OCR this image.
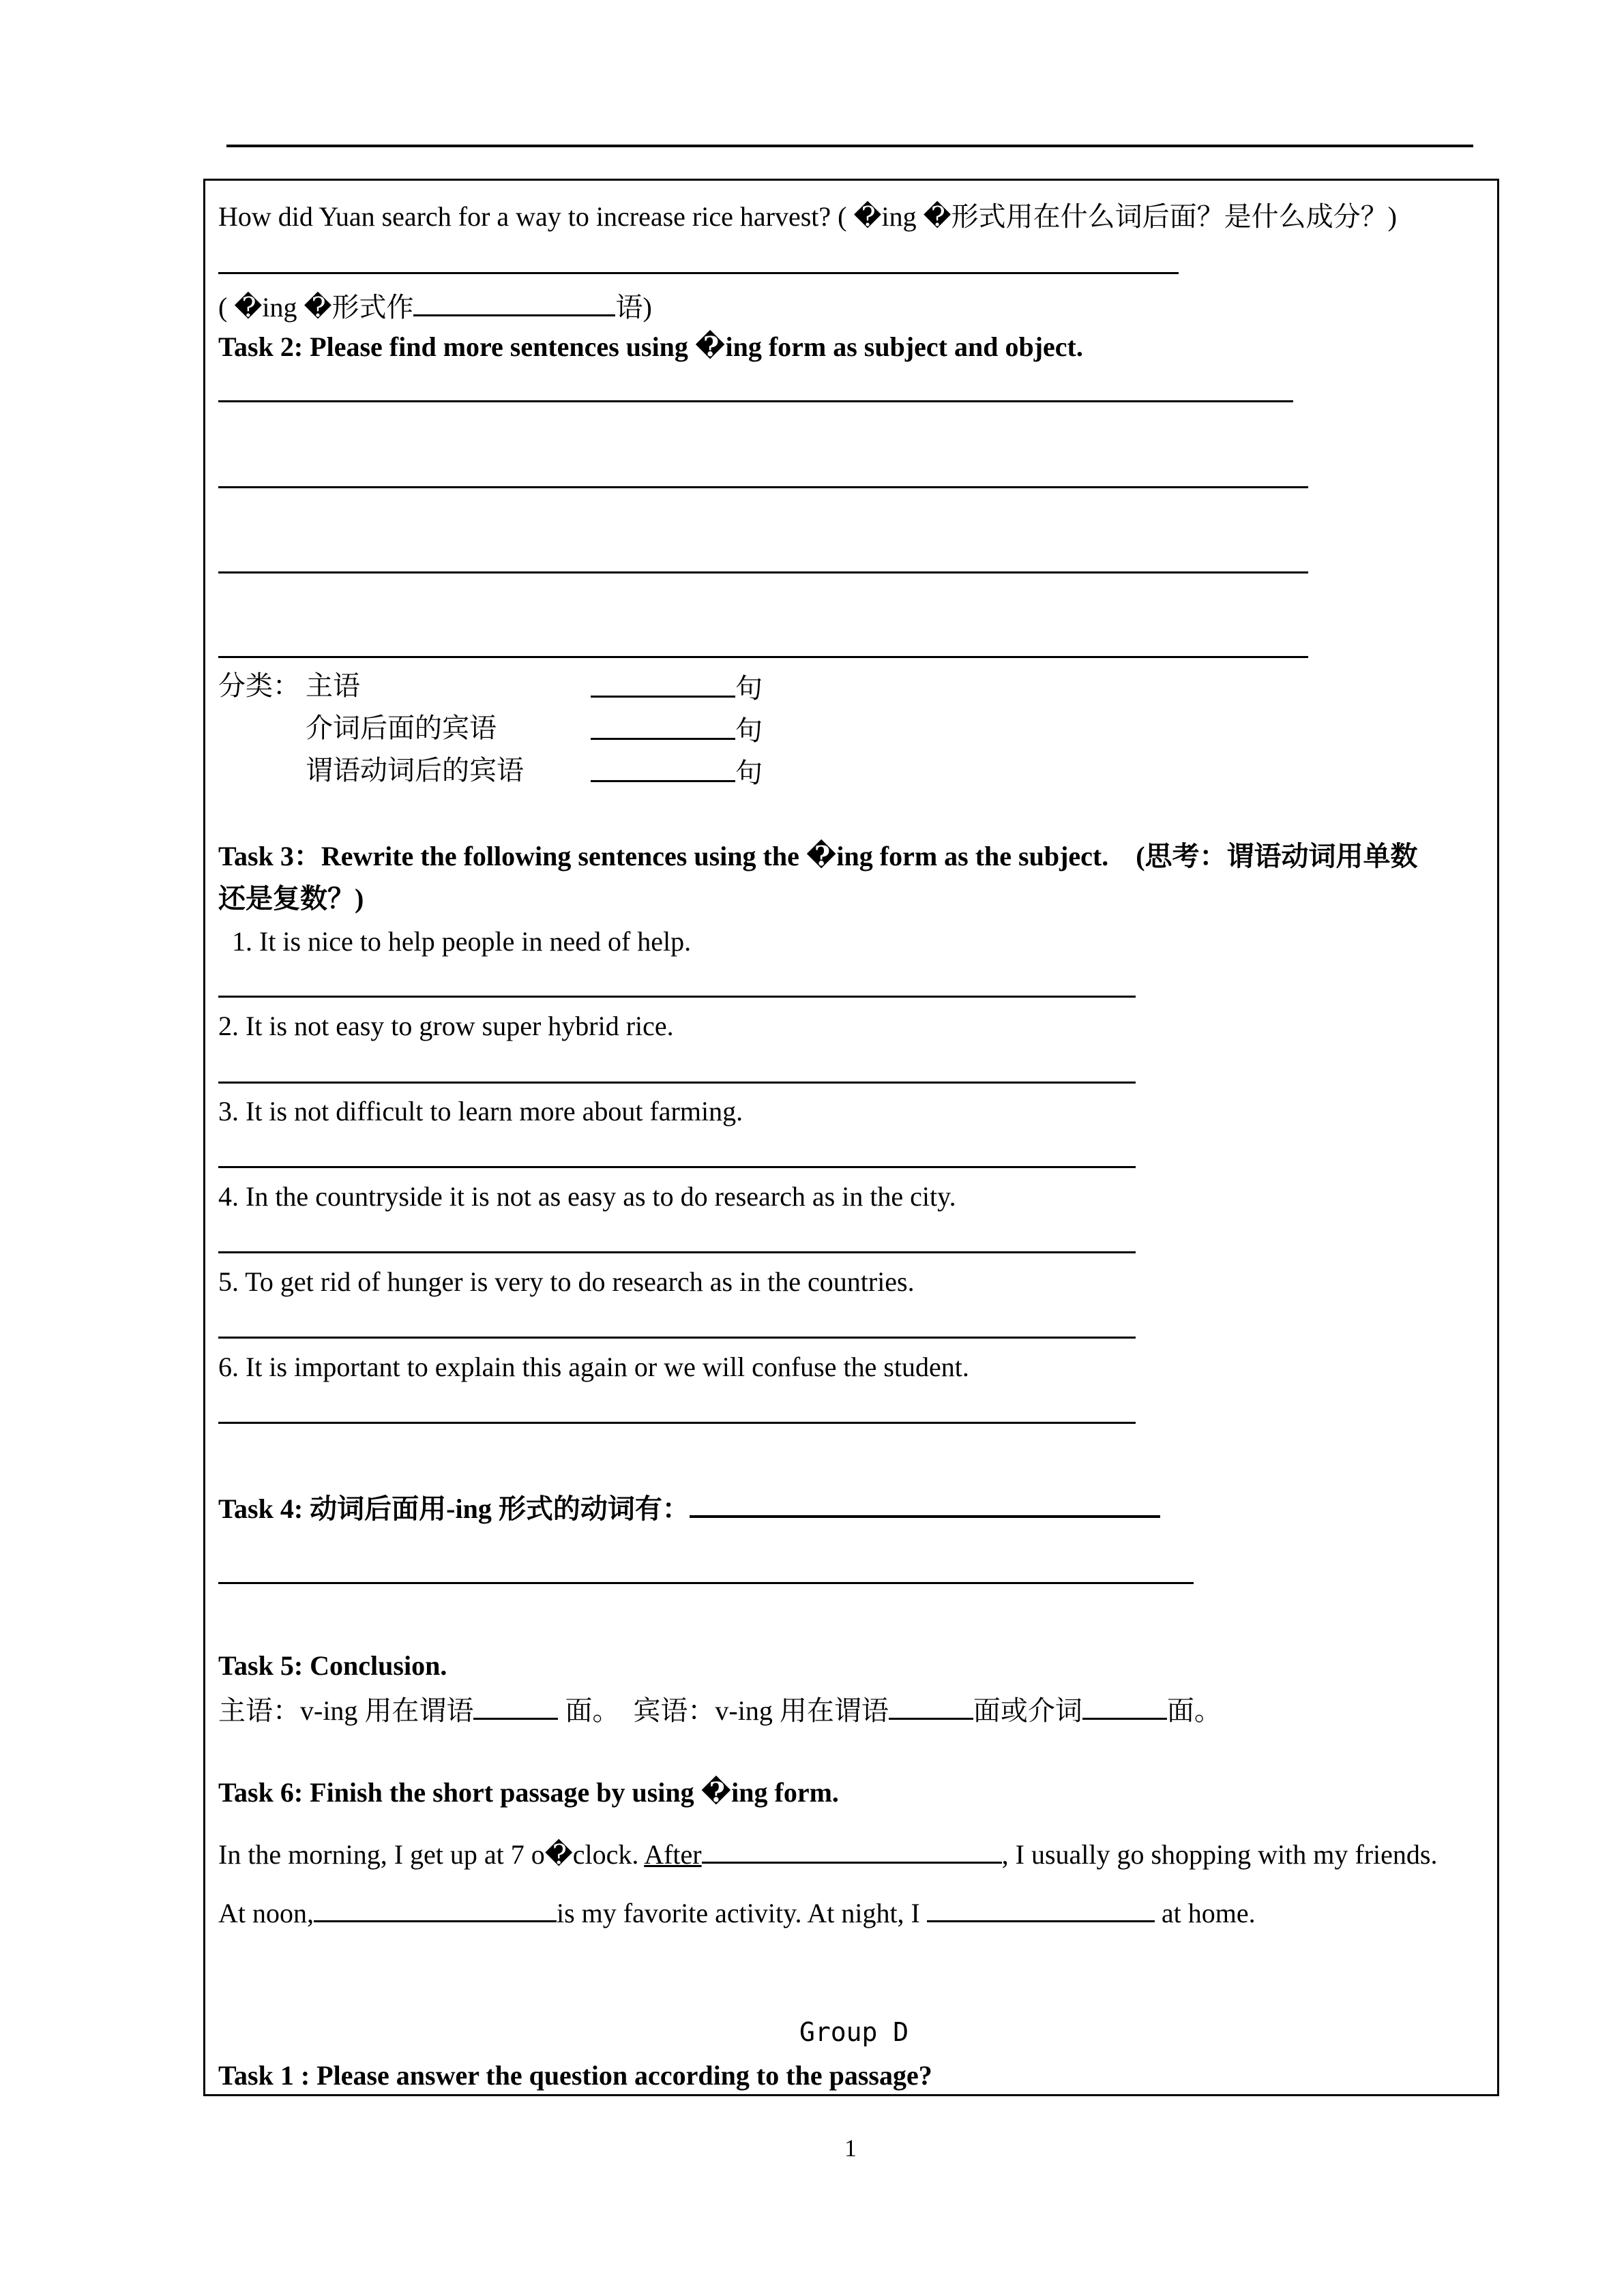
How did Yuan search for a way to increase rice harvest? ( �ing �形式用在什么词后面？是什么成分？)
( �ing �形式作	语)
Task 2: Please find more sentences using �ing form as subject and object.
分类： 主语	句
介词后面的宾语	句
谓语动词后的宾语	句
Task 3：Rewrite the following sentences using the �ing form as the subject.　(思考：谓语动词用单数
还是复数？)
1. It is nice to help people in need of help.
2. It is not easy to grow super hybrid rice.
3. It is not difficult to learn more about farming.
4. In the countryside it is not as easy as to do research as in the city.
5. To get rid of hunger is very to do research as in the countries.
6. It is important to explain this again or we will confuse the student.
Task 4: 动词后面用-ing 形式的动词有：
Task 5: Conclusion.
主语：v-ing 用在谓语	面。　宾语：v-ing 用在谓语	面或介词	面。
Task 6: Finish the short passage by using �ing form.
In the morning, I get up at 7 o�clock. After	, I usually go shopping with my friends.
At noon,	is my favorite activity. At night, I	at home.
Group D
Task 1 : Please answer the question according to the passage?
1
